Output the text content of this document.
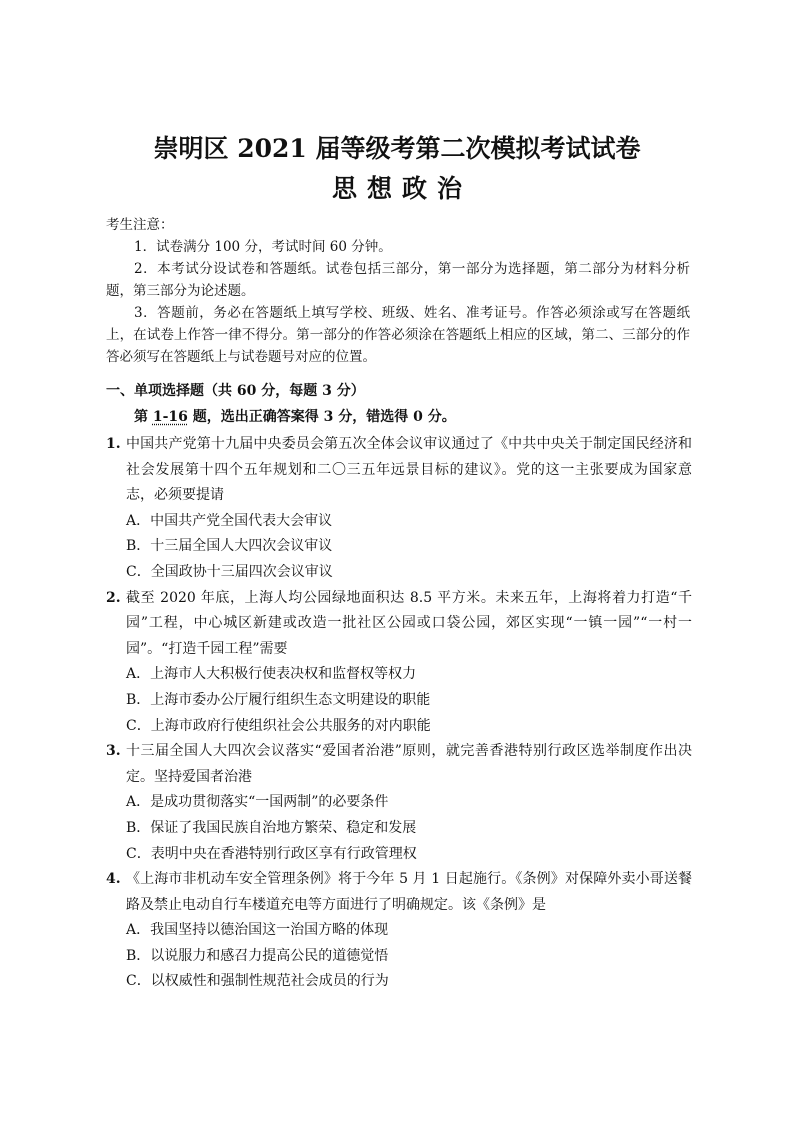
崇明区 2021 届等级考第二次模拟考试试卷
思想政治

考生注意：

1．试卷满分 100 分，考试时间 60 分钟。

2．本考试分设试卷和答题纸。试卷包括三部分，第一部分为选择题，第二部分为材料分析题，第三部分为论述题。

3．答题前，务必在答题纸上填写学校、班级、姓名、准考证号。作答必须涂或写在答题纸上，在试卷上作答一律不得分。第一部分的作答必须涂在答题纸上相应的区域，第二、三部分的作答必须写在答题纸上与试卷题号对应的位置。

一、单项选择题（共 60 分，每题 3 分）

第 1-16 题，选出正确答案得 3 分，错选得 0 分。

1. 中国共产党第十九届中央委员会第五次全体会议审议通过了《中共中央关于制定国民经济和社会发展第十四个五年规划和二〇三五年远景目标的建议》。党的这一主张要成为国家意志，必须要提请

A．中国共产党全国代表大会审议

B．十三届全国人大四次会议审议

C．全国政协十三届四次会议审议

2. 截至 2020 年底，上海人均公园绿地面积达 8.5 平方米。未来五年，上海将着力打造“千园”工程，中心城区新建或改造一批社区公园或口袋公园，郊区实现“一镇一园”“一村一园”。“打造千园工程”需要

A．上海市人大积极行使表决权和监督权等权力

B．上海市委办公厅履行组织生态文明建设的职能

C．上海市政府行使组织社会公共服务的对内职能

3. 十三届全国人大四次会议落实“爱国者治港”原则，就完善香港特别行政区选举制度作出决定。坚持爱国者治港

A．是成功贯彻落实“一国两制”的必要条件

B．保证了我国民族自治地方繁荣、稳定和发展

C．表明中央在香港特别行政区享有行政管理权

4. 《上海市非机动车安全管理条例》将于今年 5 月 1 日起施行。《条例》对保障外卖小哥送餐路及禁止电动自行车楼道充电等方面进行了明确规定。该《条例》是

A．我国坚持以德治国这一治国方略的体现

B．以说服力和感召力提高公民的道德觉悟

C．以权威性和强制性规范社会成员的行为
